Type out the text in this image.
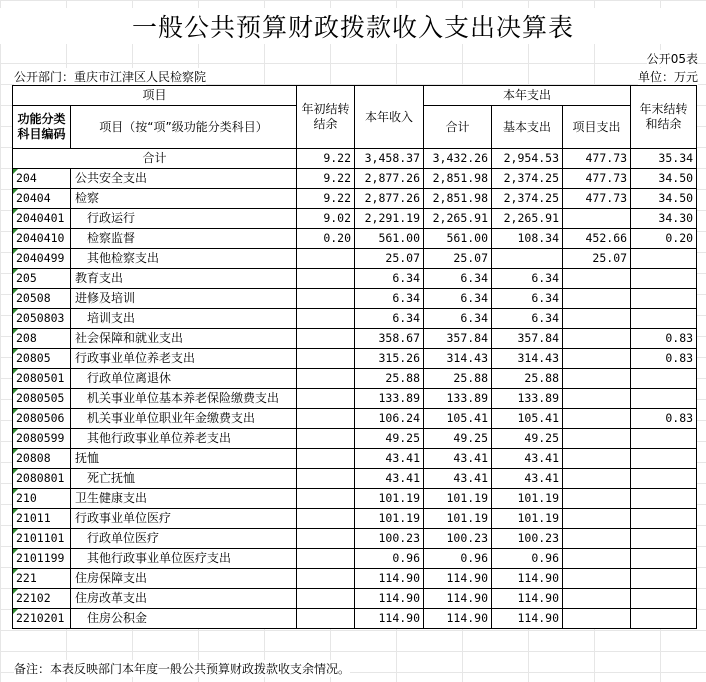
一般公共预算财政拨款收入支出决算表
公开05表
公开部门：重庆市江津区人民检察院	单位：万元
项目		年初结转结余	本年收入	本年支出			年末结转和结余
功能分类科目编码	项目（按“项”级功能分类科目）			合计	基本支出	项目支出	
合计		9.22	3,458.37	3,432.26	2,954.53	477.73	35.34
204	公共安全支出	9.22	2,877.26	2,851.98	2,374.25	477.73	34.50
20404	检察	9.22	2,877.26	2,851.98	2,374.25	477.73	34.50
2040401	行政运行	9.02	2,291.19	2,265.91	2,265.91		34.30
2040410	检察监督	0.20	561.00	561.00	108.34	452.66	0.20
2040499	其他检察支出		25.07	25.07		25.07	
205	教育支出		6.34	6.34	6.34		
20508	进修及培训		6.34	6.34	6.34		
2050803	培训支出		6.34	6.34	6.34		
208	社会保障和就业支出		358.67	357.84	357.84		0.83
20805	行政事业单位养老支出		315.26	314.43	314.43		0.83
2080501	行政单位离退休		25.88	25.88	25.88		
2080505	机关事业单位基本养老保险缴费支出		133.89	133.89	133.89		
2080506	机关事业单位职业年金缴费支出		106.24	105.41	105.41		0.83
2080599	其他行政事业单位养老支出		49.25	49.25	49.25		
20808	抚恤		43.41	43.41	43.41		
2080801	死亡抚恤		43.41	43.41	43.41		
210	卫生健康支出		101.19	101.19	101.19		
21011	行政事业单位医疗		101.19	101.19	101.19		
2101101	行政单位医疗		100.23	100.23	100.23		
2101199	其他行政事业单位医疗支出		0.96	0.96	0.96		
221	住房保障支出		114.90	114.90	114.90		
22102	住房改革支出		114.90	114.90	114.90		
2210201	住房公积金		114.90	114.90	114.90		
备注：本表反映部门本年度一般公共预算财政拨款收支余情况。
